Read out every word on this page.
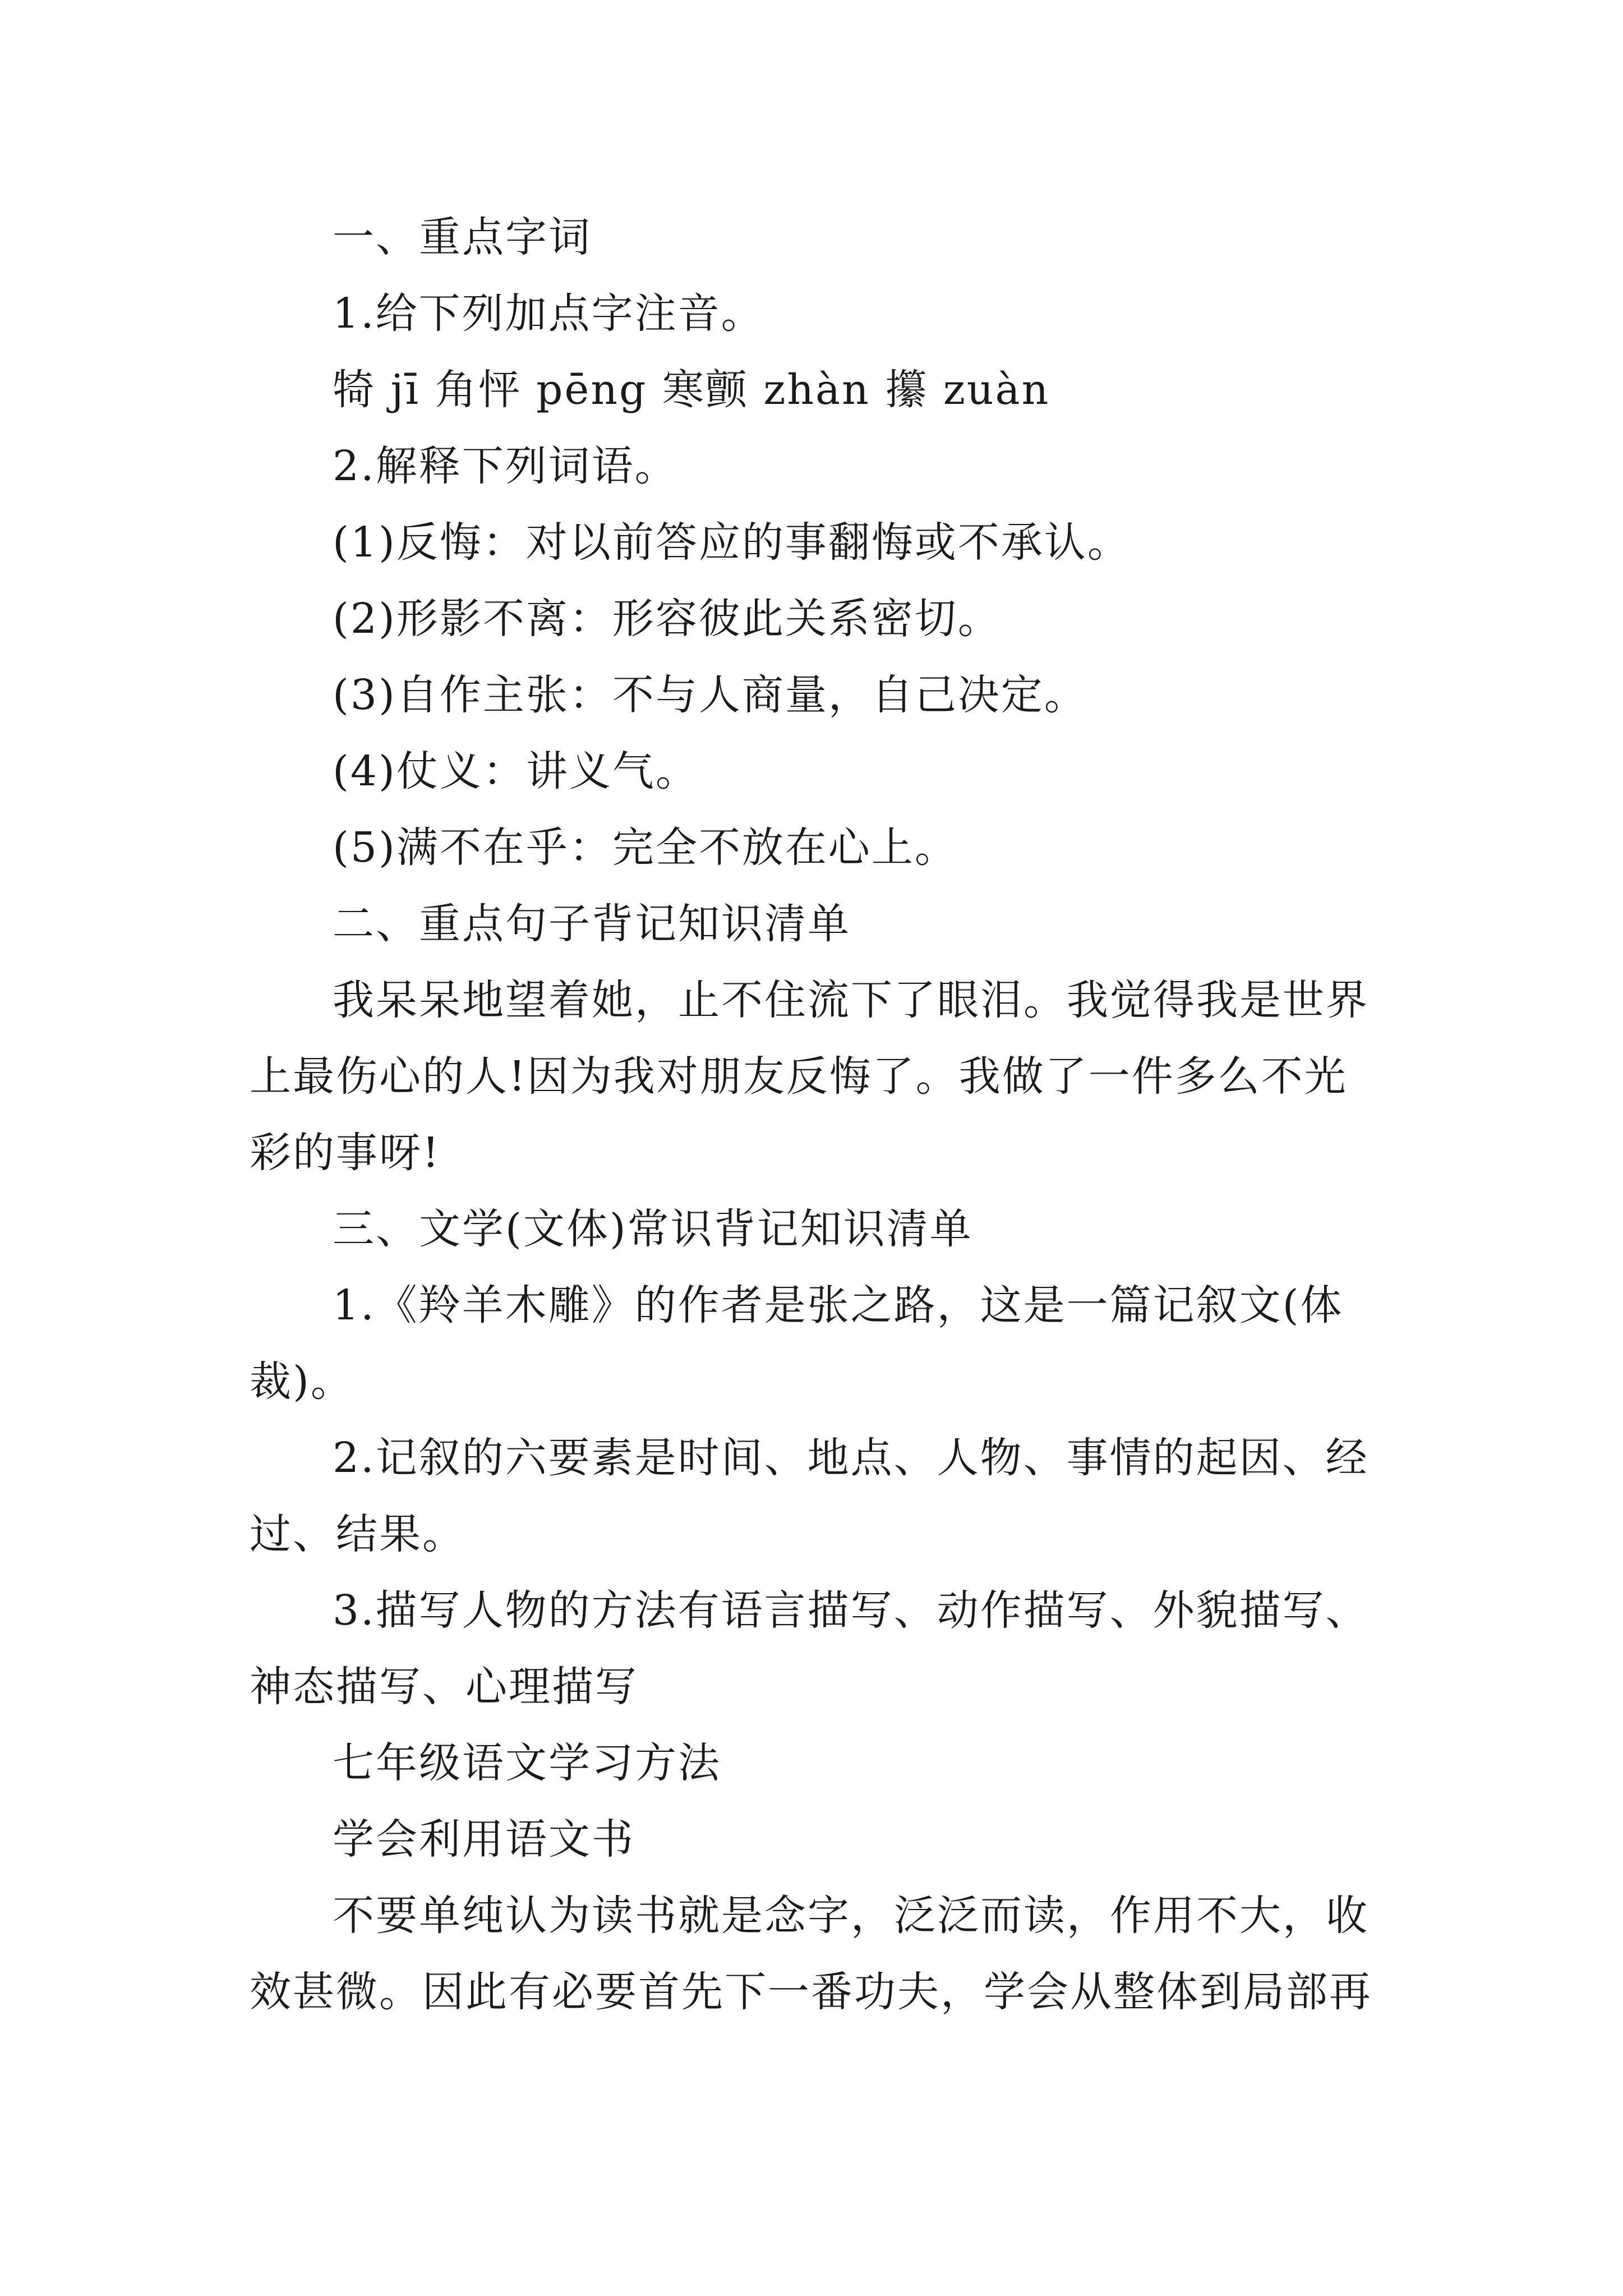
一、重点字词

1.给下列加点字注音。

犄 jī 角怦 pēng 寒颤 zhàn 攥 zuàn

2.解释下列词语。

(1)反悔：对以前答应的事翻悔或不承认。

(2)形影不离：形容彼此关系密切。

(3)自作主张：不与人商量，自己决定。

(4)仗义：讲义气。

(5)满不在乎：完全不放在心上。

二、重点句子背记知识清单

我呆呆地望着她，止不住流下了眼泪。我觉得我是世界上最伤心的人!因为我对朋友反悔了。我做了一件多么不光彩的事呀!

三、文学(文体)常识背记知识清单

1.《羚羊木雕》的作者是张之路，这是一篇记叙文(体裁)。

2.记叙的六要素是时间、地点、人物、事情的起因、经过、结果。

3.描写人物的方法有语言描写、动作描写、外貌描写、神态描写、心理描写

七年级语文学习方法

学会利用语文书

不要单纯认为读书就是念字，泛泛而读，作用不大，收效甚微。因此有必要首先下一番功夫，学会从整体到局部再
